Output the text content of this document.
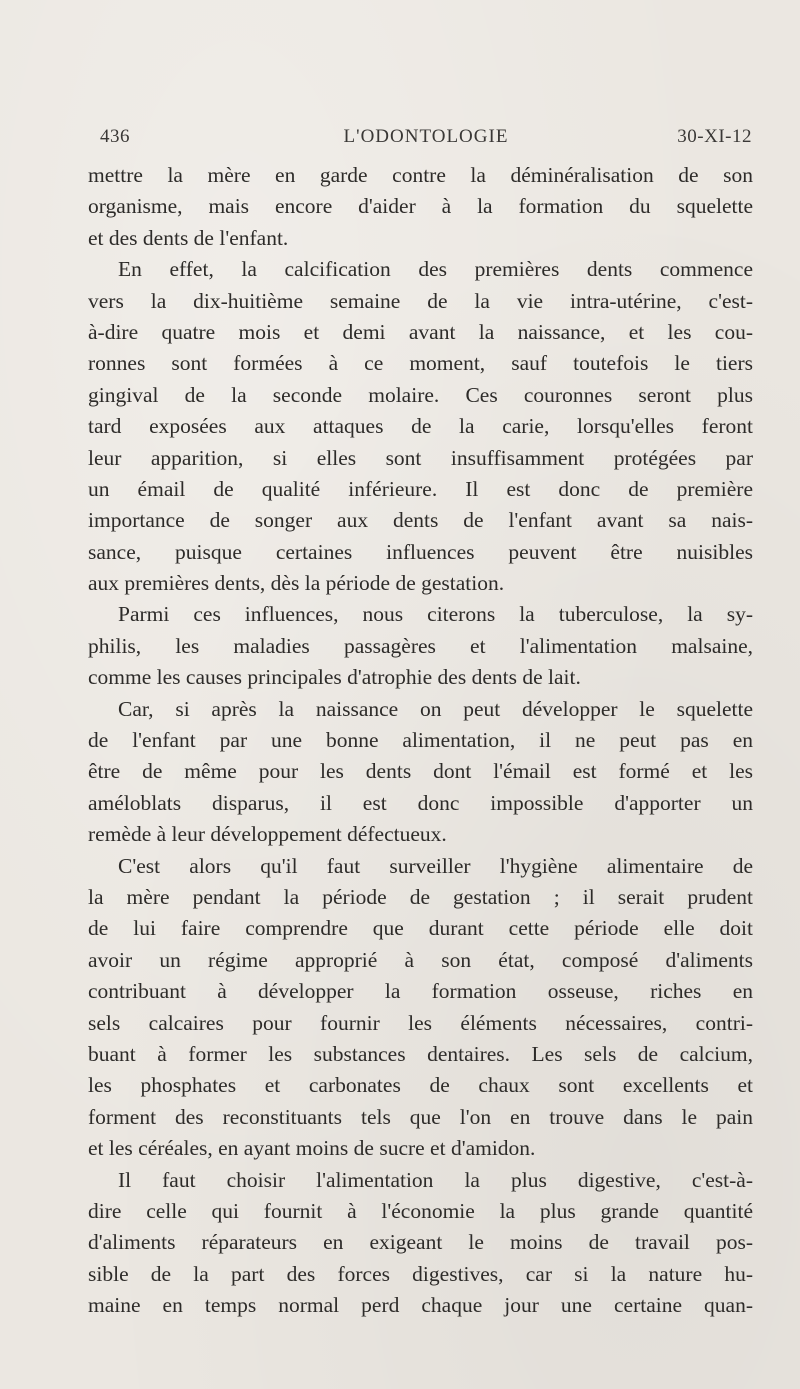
436	L'ODONTOLOGIE	30-XI-12
mettre la mère en garde contre la déminéralisation de son
organisme, mais encore d'aider à la formation du squelette
et des dents de l'enfant.
En effet, la calcification des premières dents commence
vers la dix-huitième semaine de la vie intra-utérine, c'est-
à-dire quatre mois et demi avant la naissance, et les cou-
ronnes sont formées à ce moment, sauf toutefois le tiers
gingival de la seconde molaire. Ces couronnes seront plus
tard exposées aux attaques de la carie, lorsqu'elles feront
leur apparition, si elles sont insuffisamment protégées par
un émail de qualité inférieure. Il est donc de première
importance de songer aux dents de l'enfant avant sa nais-
sance, puisque certaines influences peuvent être nuisibles
aux premières dents, dès la période de gestation.
Parmi ces influences, nous citerons la tuberculose, la sy-
philis, les maladies passagères et l'alimentation malsaine,
comme les causes principales d'atrophie des dents de lait.
Car, si après la naissance on peut développer le squelette
de l'enfant par une bonne alimentation, il ne peut pas en
être de même pour les dents dont l'émail est formé et les
améloblats disparus, il est donc impossible d'apporter un
remède à leur développement défectueux.
C'est alors qu'il faut surveiller l'hygiène alimentaire de
la mère pendant la période de gestation ; il serait prudent
de lui faire comprendre que durant cette période elle doit
avoir un régime approprié à son état, composé d'aliments
contribuant à développer la formation osseuse, riches en
sels calcaires pour fournir les éléments nécessaires, contri-
buant à former les substances dentaires. Les sels de calcium,
les phosphates et carbonates de chaux sont excellents et
forment des reconstituants tels que l'on en trouve dans le pain
et les céréales, en ayant moins de sucre et d'amidon.
Il faut choisir l'alimentation la plus digestive, c'est-à-
dire celle qui fournit à l'économie la plus grande quantité
d'aliments réparateurs en exigeant le moins de travail pos-
sible de la part des forces digestives, car si la nature hu-
maine en temps normal perd chaque jour une certaine quan-
